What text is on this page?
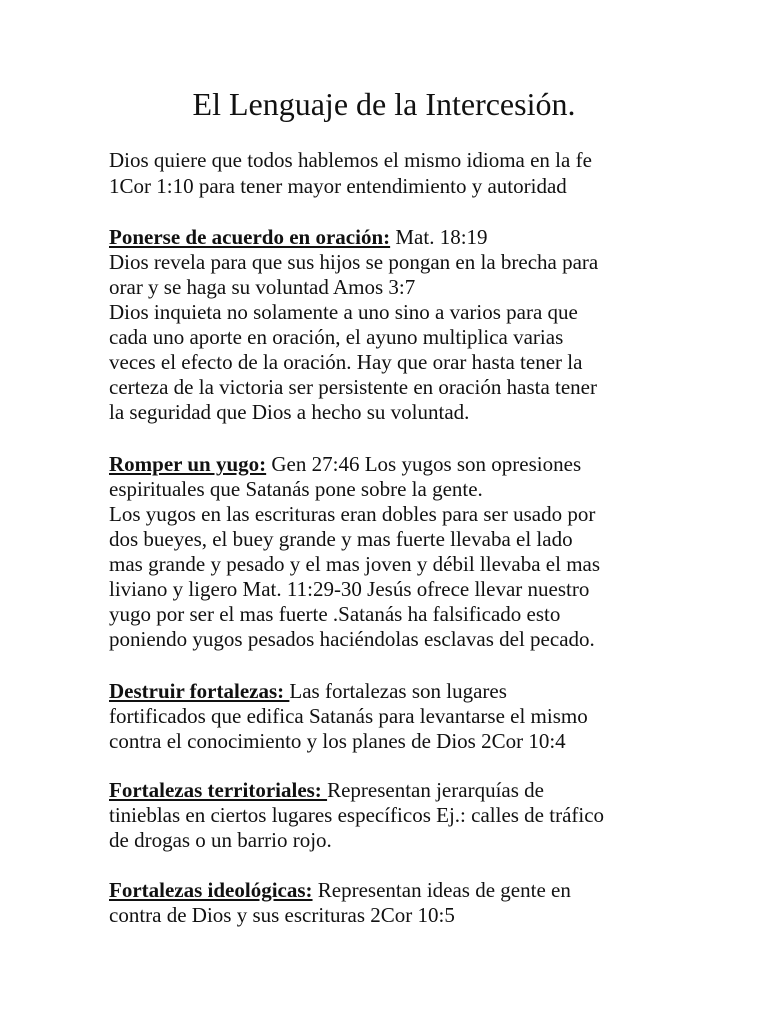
El Lenguaje de la Intercesión.
Dios quiere que todos hablemos el mismo idioma en la fe
1Cor 1:10 para tener mayor entendimiento y autoridad
Ponerse de acuerdo en oración: Mat. 18:19
Dios revela para que sus hijos se pongan en la brecha para
orar y se haga su voluntad Amos 3:7
Dios inquieta no solamente a uno sino a varios para que
cada uno aporte en oración, el ayuno multiplica varias
veces el efecto de la oración. Hay que orar hasta tener la
certeza de la victoria ser persistente en oración hasta tener
la seguridad que Dios a hecho su voluntad.
Romper un yugo: Gen 27:46 Los yugos son opresiones
espirituales que Satanás pone sobre la gente.
Los yugos en las escrituras eran dobles para ser usado por
dos bueyes, el buey grande y mas fuerte llevaba el lado
mas grande y pesado y el mas joven y débil llevaba el mas
liviano y ligero Mat. 11:29-30 Jesús ofrece llevar nuestro
yugo por ser el mas fuerte .Satanás ha falsificado esto
poniendo yugos pesados haciéndolas esclavas del pecado.
Destruir fortalezas: Las fortalezas son lugares
fortificados que edifica Satanás para levantarse el mismo
contra el conocimiento y los planes de Dios 2Cor 10:4
Fortalezas territoriales: Representan jerarquías de
tinieblas en ciertos lugares específicos Ej.: calles de tráfico
de drogas o un barrio rojo.
Fortalezas ideológicas: Representan ideas de gente en
contra de Dios y sus escrituras 2Cor 10:5
